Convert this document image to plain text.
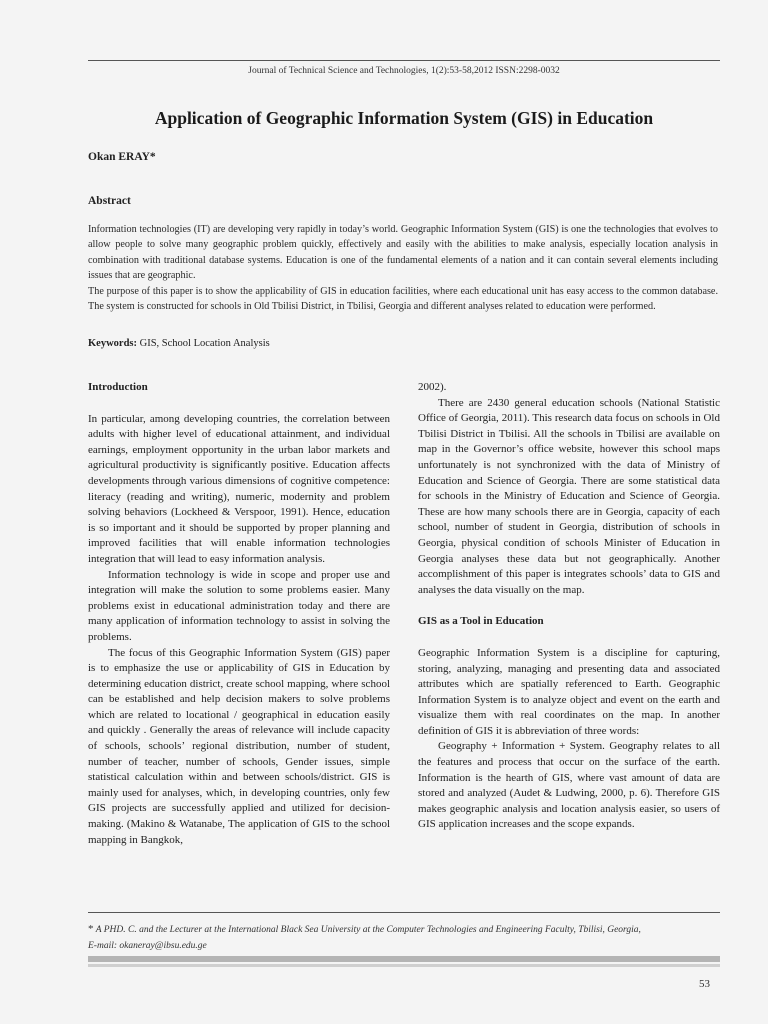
Journal of Technical Science and Technologies, 1(2):53-58,2012 ISSN:2298-0032
Application of Geographic Information System (GIS) in Education
Okan ERAY*
Abstract

Information technologies (IT) are developing very rapidly in today’s world. Geographic Information System (GIS) is one the technologies that evolves to allow people to solve many geographic problem quickly, effectively and easily with the abilities to make analysis, especially location analysis in combination with traditional database systems. Education is one of the fundamental elements of a nation and it can contain several elements including issues that are geographic.

The purpose of this paper is to show the applicability of GIS in education facilities, where each educational unit has easy access to the common database. The system is constructed for schools in Old Tbilisi District, in Tbilisi, Georgia and different analyses related to education were performed.

Keywords: GIS, School Location Analysis

Introduction

In particular, among developing countries, the correlation between adults with higher level of educational attainment, and individual earnings, employment opportunity in the urban labor markets and agricultural productivity is significantly positive. Education affects developments through various dimensions of cognitive competence: literacy (reading and writing), numeric, modernity and problem solving behaviors (Lockheed & Verspoor, 1991). Hence, education is so important and it should be supported by proper planning and improved facilities that will enable information technologies integration that will lead to easy information analysis.

Information technology is wide in scope and proper use and integration will make the solution to some problems easier. Many problems exist in educational administration today and there are many application of information technology to assist in solving the problems.

The focus of this Geographic Information System (GIS) paper is to emphasize the use or applicability of GIS in Education by determining education district, create school mapping, where school can be established and help decision makers to solve problems which are related to locational / geographical in education easily and quickly . Generally the areas of relevance will include capacity of schools, schools’ regional distribution, number of student, number of teacher, number of schools, Gender issues, simple statistical calculation within and between schools/district. GIS is mainly used for analyses, which, in developing countries, only few GIS projects are successfully applied and utilized for decision-making. (Makino & Watanabe, The application of GIS to the school mapping in Bangkok,

2002).

There are 2430 general education schools (National Statistic Office of Georgia, 2011). This research data focus on schools in Old Tbilisi District in Tbilisi. All the schools in Tbilisi are available on map in the Governor’s office website, however this school maps unfortunately is not synchronized with the data of Ministry of Education and Science of Georgia. There are some statistical data for schools in the Ministry of Education and Science of Georgia. These are how many schools there are in Georgia, capacity of each school, number of student in Georgia, distribution of schools in Georgia, physical condition of schools Minister of Education in Georgia analyses these data but not geographically. Another accomplishment of this paper is integrates schools’ data to GIS and analyses the data visually on the map.

GIS as a Tool in Education

Geographic Information System is a discipline for capturing, storing, analyzing, managing and presenting data and associated attributes which are spatially referenced to Earth. Geographic Information System is to analyze object and event on the earth and visualize them with real coordinates on the map. In another definition of GIS it is abbreviation of three words:

Geography + Information + System. Geography relates to all the features and process that occur on the surface of the earth. Information is the hearth of GIS, where vast amount of data are stored and analyzed (Audet & Ludwing, 2000, p. 6). Therefore GIS makes geographic analysis and location analysis easier, so users of GIS application increases and the scope expands.

* A PHD. C. and the Lecturer at the International Black Sea University at the Computer Technologies and Engineering Faculty, Tbilisi, Georgia,
E-mail: okaneray@ibsu.edu.ge
53
